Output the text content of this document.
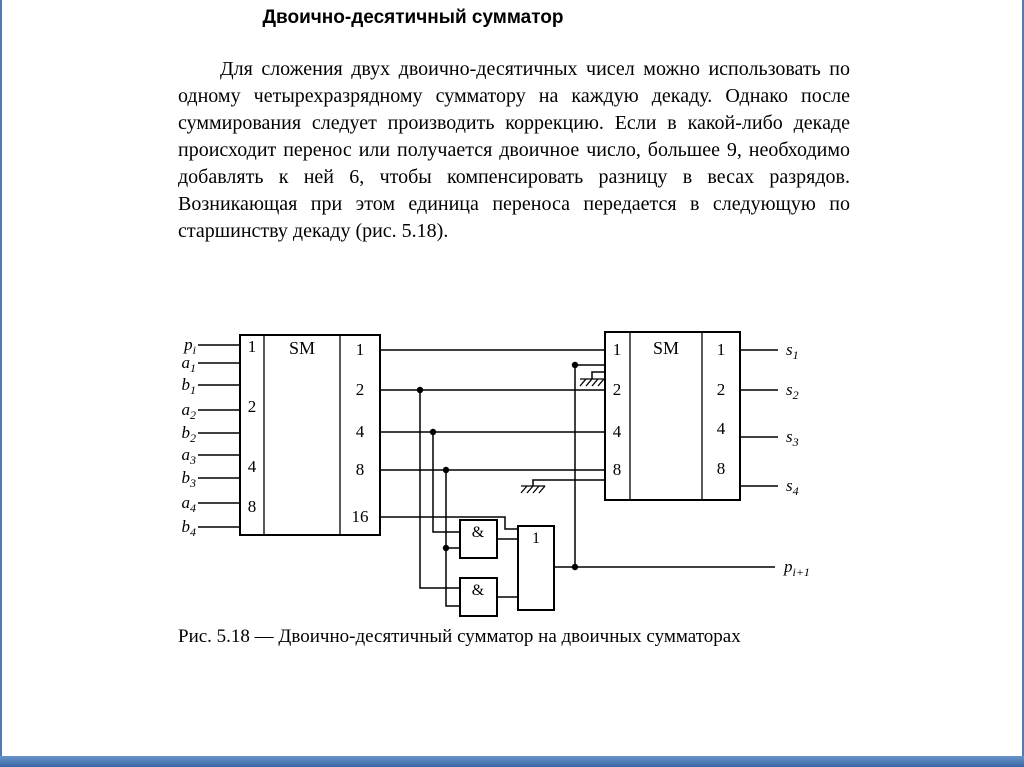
Двоично-десятичный сумматор

Для сложения двух двоично-десятичных чисел можно использовать по одному четырехразрядному сумматору на каждую декаду. Однако после суммирования следует производить коррекцию. Если в какой-либо декаде происходит перенос или получается двоичное число, большее 9, необходимо добавлять к ней 6, чтобы компенсировать разницу в весах разрядов. Возникающая при этом единица переноса передается в следующую по старшинству декаду (рис. 5.18).

SM
1
2
4
8
1
2
4
8
16
SM
1
2
4
8
1
2
4
8
&
&
1
$p_i$
$a_1$
$b_1$
$a_2$
$b_2$
$a_3$
$b_3$
$a_4$
$b_4$
$s_1$
$s_2$
$s_3$
$s_4$
$p_{i+1}$
Рис. 5.18 — Двоично-десятичный сумматор на двоичных сумматорах
